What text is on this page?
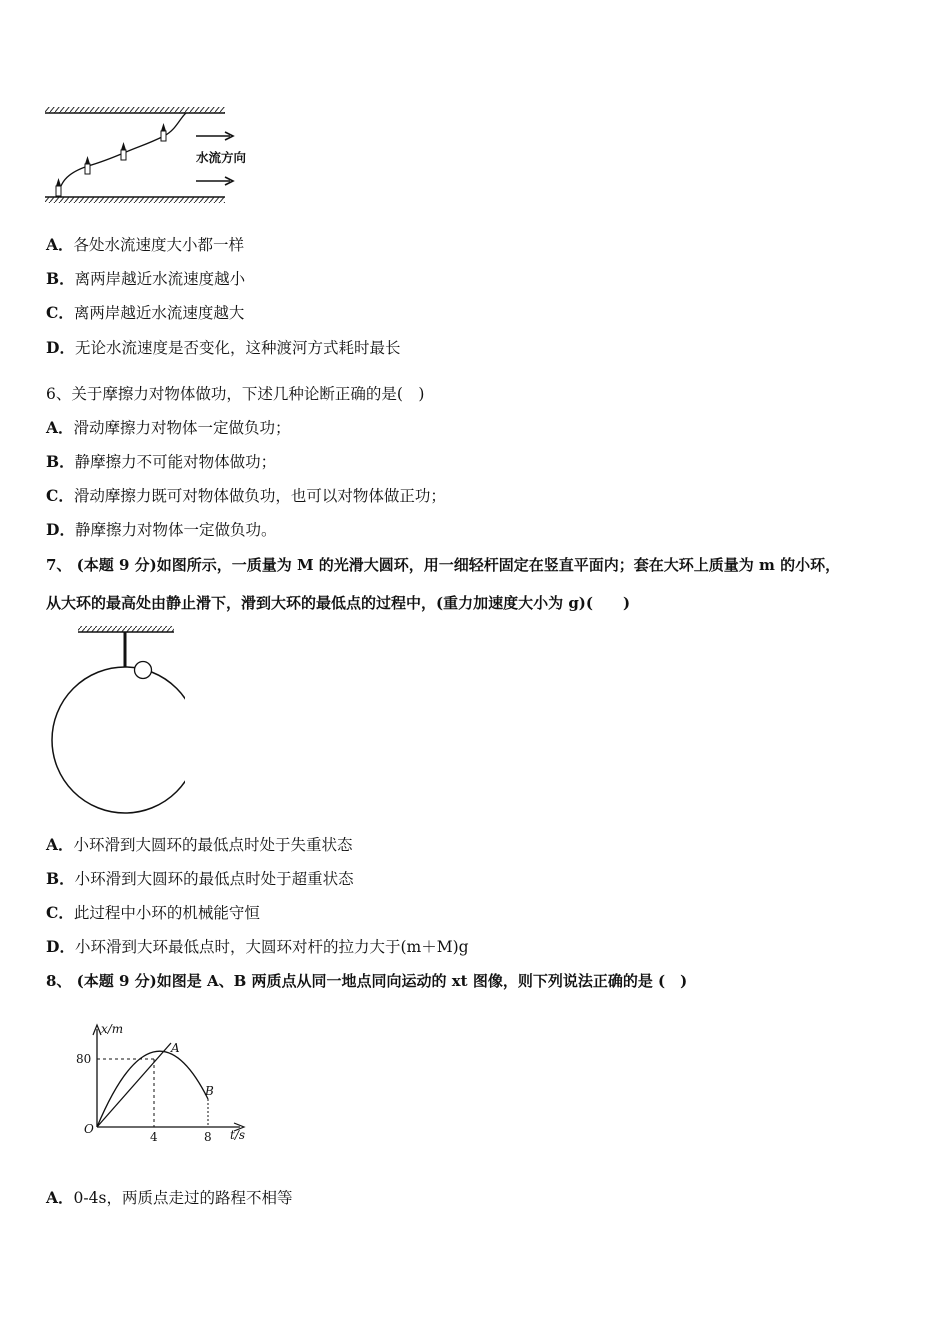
水流方向
A．各处水流速度大小都一样
B．离两岸越近水流速度越小
C．离两岸越近水流速度越大
D．无论水流速度是否变化，这种渡河方式耗时最长
6、关于摩擦力对物体做功，下述几种论断正确的是(　)
A．滑动摩擦力对物体一定做负功；
B．静摩擦力不可能对物体做功；
C．滑动摩擦力既可对物体做负功，也可以对物体做正功；
D．静摩擦力对物体一定做负功。
7、 (本题 9 分)如图所示，一质量为 M 的光滑大圆环，用一细轻杆固定在竖直平面内；套在大环上质量为 m 的小环，
从大环的最高处由静止滑下，滑到大环的最低点的过程中，(重力加速度大小为 g)(　　)
A．小环滑到大圆环的最低点时处于失重状态
B．小环滑到大圆环的最低点时处于超重状态
C．此过程中小环的机械能守恒
D．小环滑到大环最低点时，大圆环对杆的拉力大于(m＋M)g
8、 (本题 9 分)如图是 A、B 两质点从同一地点同向运动的 xt 图像，则下列说法正确的是 (　)
x/m
t/s
O
80
4	8
A
B
A．0-4s，两质点走过的路程不相等
